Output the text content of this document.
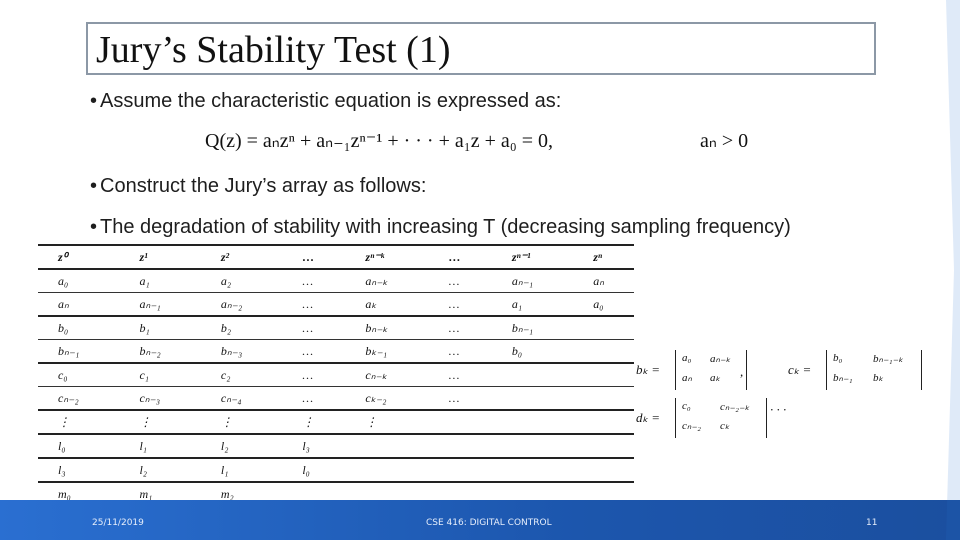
Jury’s Stability Test (1)
• Assume the characteristic equation is expressed as:
Q(z) = aₙzⁿ + aₙ₋₁zⁿ⁻¹ + · · · + a₁z + a₀ = 0,	aₙ > 0
• Construct the Jury’s array as follows:
• The degradation of stability with increasing T (decreasing sampling frequency)
z⁰	z¹	z²	…	zⁿ⁻ᵏ	…	zⁿ⁻¹	zⁿ
a₀	a₁	a₂	…	aₙ₋ₖ	…	aₙ₋₁	aₙ
aₙ	aₙ₋₁	aₙ₋₂	…	aₖ	…	a₁	a₀
b₀	b₁	b₂	…	bₙ₋ₖ	…	bₙ₋₁	
bₙ₋₁	bₙ₋₂	bₙ₋₃	…	bₖ₋₁	…	b₀	
c₀	c₁	c₂	…	cₙ₋ₖ	…		
cₙ₋₂	cₙ₋₃	cₙ₋₄	…	cₖ₋₂	…		
⋮	⋮	⋮	⋮	⋮			
l₀	l₁	l₂	l₃				
l₃	l₂	l₁	l₀				
m₀	m₁	m₂					
bₖ =
a₀ aₙ₋ₖ
aₙ aₖ ,	cₖ =
b₀	bₙ₋₁₋ₖ
bₙ₋₁ bₖ
dₖ =
c₀	cₙ₋₂₋ₖ
cₙ₋₂ cₖ
· · ·
25/11/2019	CSE 416: DIGITAL CONTROL	11
